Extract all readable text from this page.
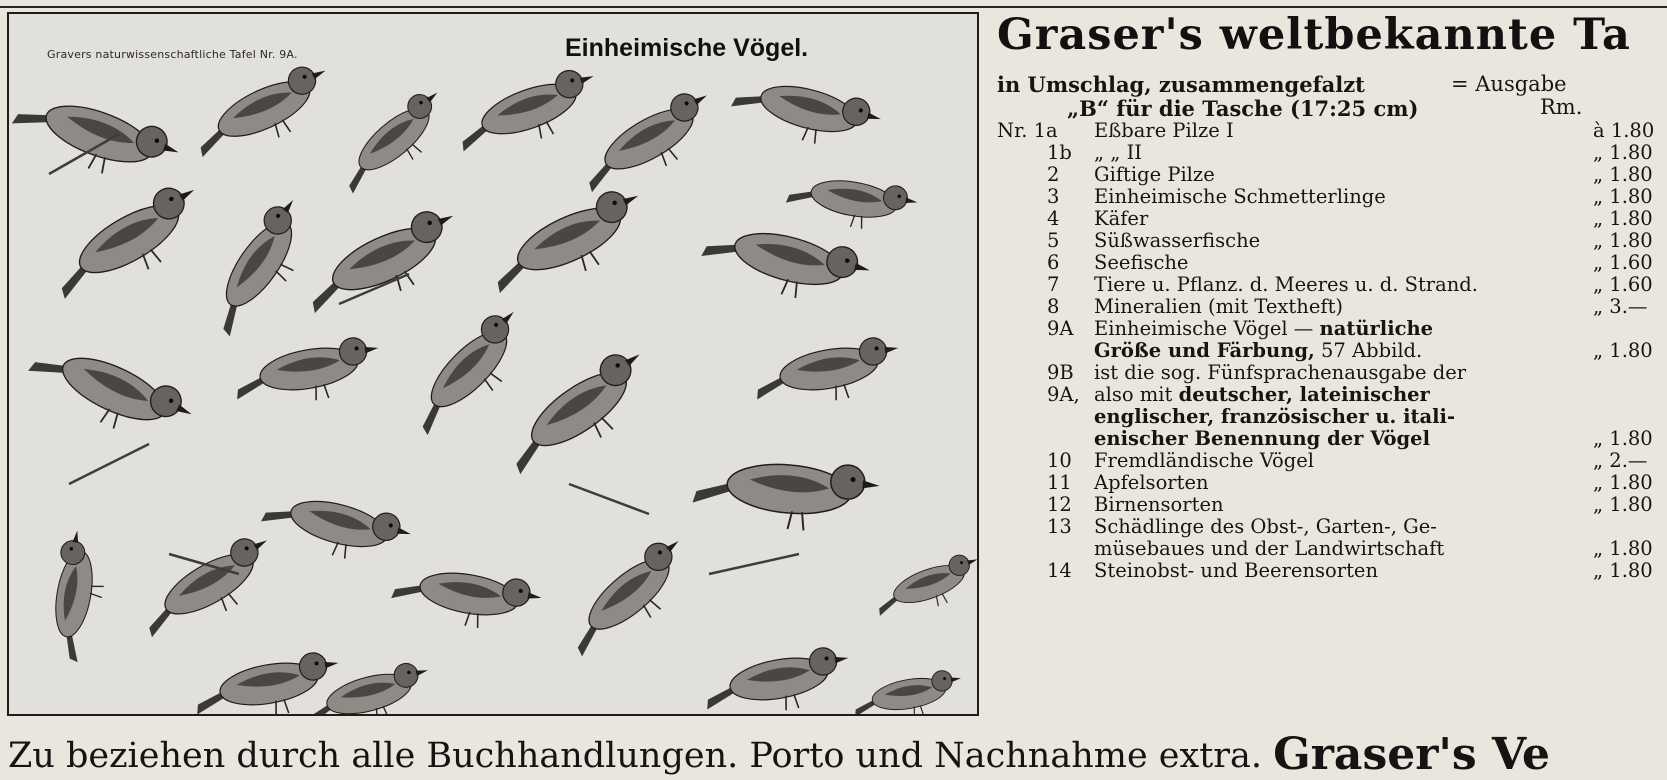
Gravers naturwissenschaftliche Tafel Nr. 9A.	Einheimische Vögel.	Graser's weltbekannte Ta
in Umschlag, zusammengefalzt	= Ausgabe
„B“ für die Tasche (17:25 cm)	Rm.
Nr. 1a Eßbare Pilze I	à 1.80
1b	„ „ II	„ 1.80
2	Giftige Pilze	„ 1.80
3	Einheimische Schmetterlinge	„ 1.80
4	Käfer	„ 1.80
5	Süßwasserfische	„ 1.80
6	Seefische	„ 1.60
7	Tiere u. Pflanz. d. Meeres u. d. Strand.	„ 1.60
8	Mineralien (mit Textheft)	„ 3.—
9A	Einheimische Vögel — natürliche
Größe und Färbung, 57 Abbild.	„ 1.80
9B	ist die sog. Fünfsprachenausgabe der
9A, also mit deutscher, lateinischer
englischer, französischer u. itali-
enischer Benennung der Vögel	„ 1.80
10	Fremdländische Vögel	„ 2.—
11	Apfelsorten	„ 1.80
12	Birnensorten	„ 1.80
13	Schädlinge des Obst-, Garten-, Ge-
müsebaues und der Landwirtschaft	„ 1.80
14	Steinobst- und Beerensorten	„ 1.80
Zu beziehen durch alle Buchhandlungen. Porto und Nachnahme extra. Graser's Ve
